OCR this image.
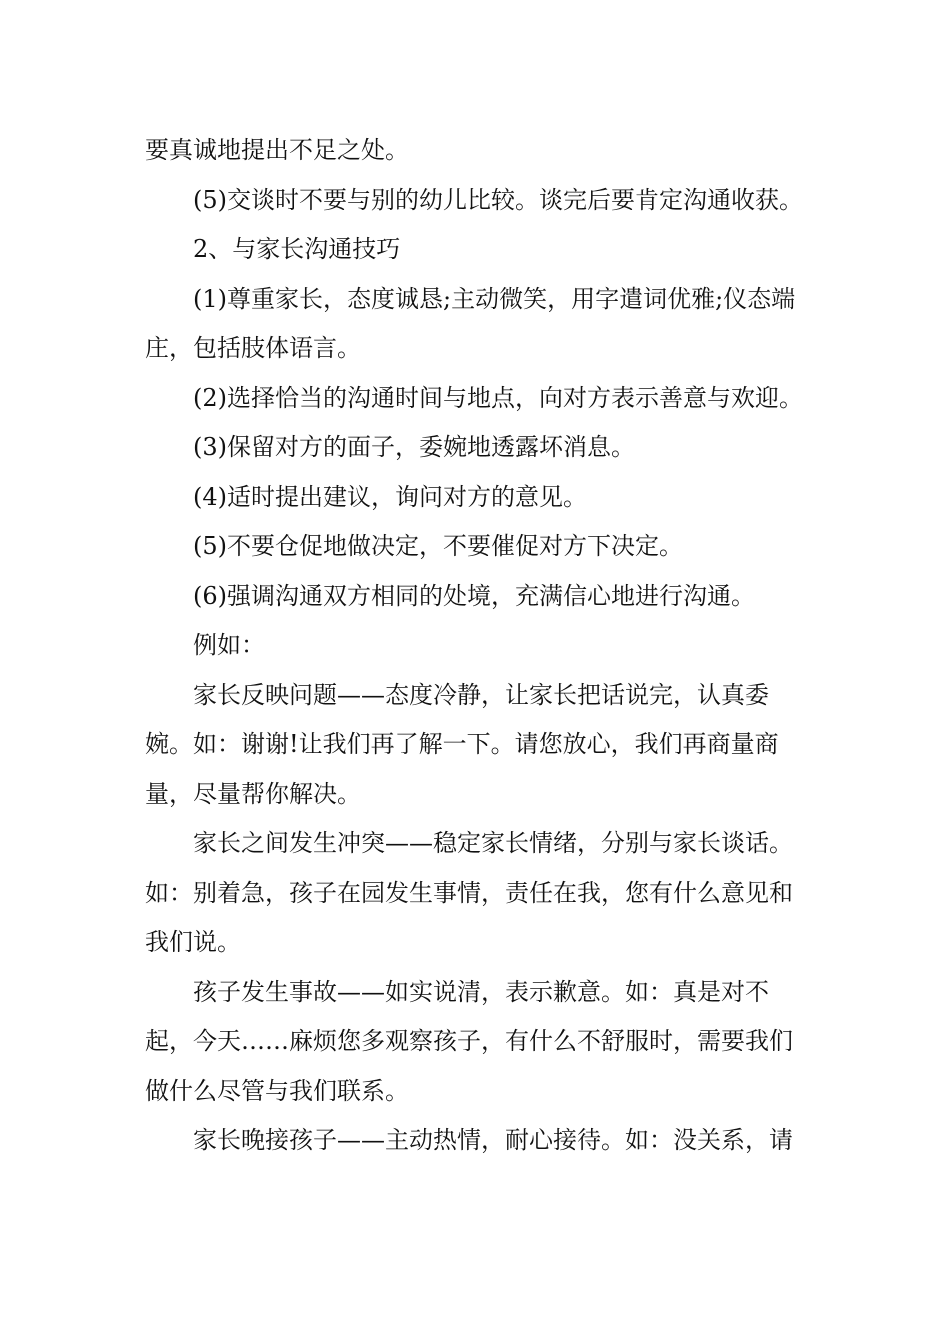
要真诚地提出不足之处。

(5)交谈时不要与别的幼儿比较。谈完后要肯定沟通收获。

2、与家长沟通技巧

(1)尊重家长，态度诚恳;主动微笑，用字遣词优雅;仪态端庄，包括肢体语言。

(2)选择恰当的沟通时间与地点，向对方表示善意与欢迎。

(3)保留对方的面子，委婉地透露坏消息。

(4)适时提出建议，询问对方的意见。

(5)不要仓促地做决定，不要催促对方下决定。

(6)强调沟通双方相同的处境，充满信心地进行沟通。

例如：

家长反映问题——态度冷静，让家长把话说完，认真委婉。如：谢谢!让我们再了解一下。请您放心，我们再商量商量，尽量帮你解决。

家长之间发生冲突——稳定家长情绪，分别与家长谈话。如：别着急，孩子在园发生事情，责任在我，您有什么意见和我们说。

孩子发生事故——如实说清，表示歉意。如：真是对不起，今天……麻烦您多观察孩子，有什么不舒服时，需要我们做什么尽管与我们联系。

家长晚接孩子——主动热情，耐心接待。如：没关系，请
